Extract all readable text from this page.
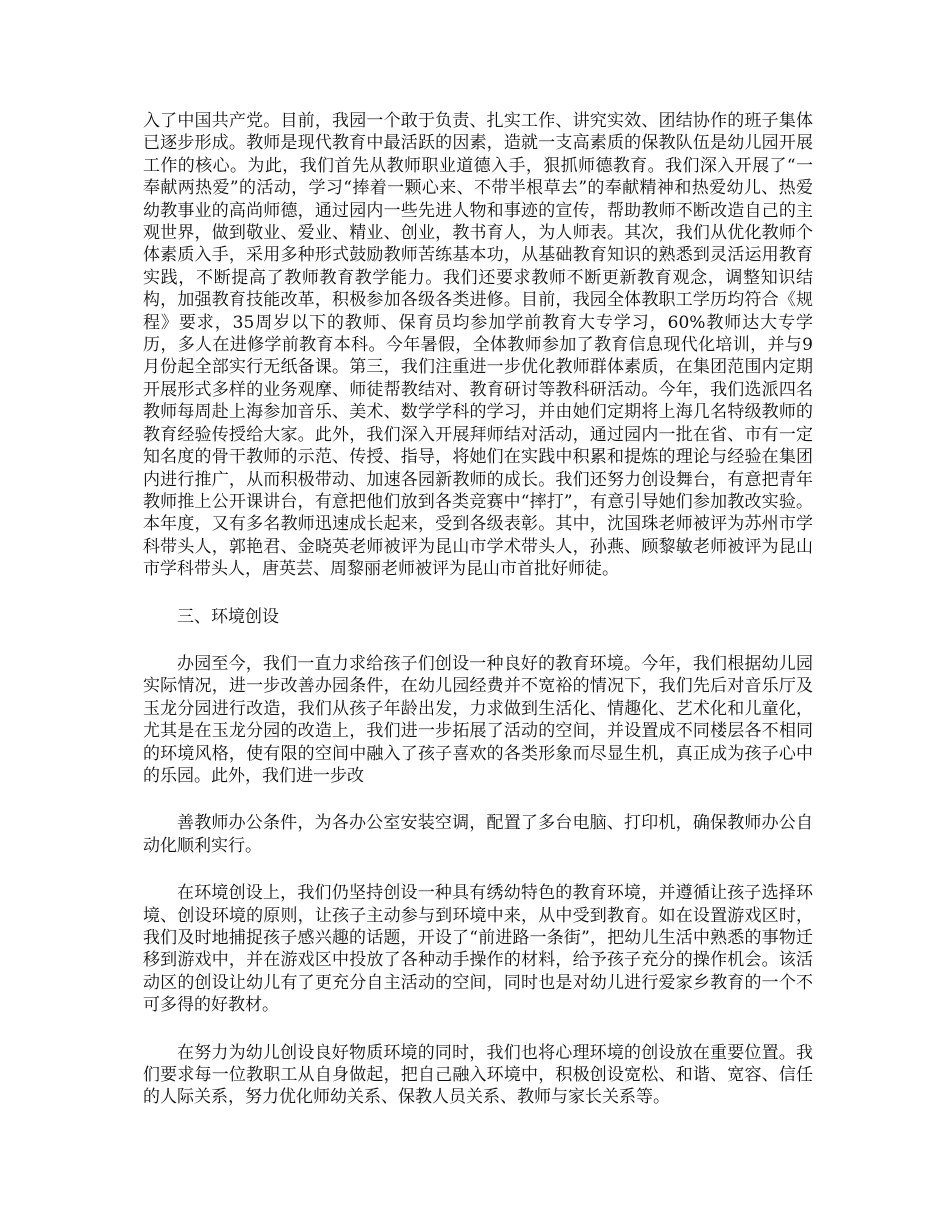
入了中国共产党。目前，我园一个敢于负责、扎实工作、讲究实效、团结协作的班子集体已逐步形成。教师是现代教育中最活跃的因素，造就一支高素质的保教队伍是幼儿园开展工作的核心。为此，我们首先从教师职业道德入手，狠抓师德教育。我们深入开展了“一奉献两热爱”的活动，学习“捧着一颗心来、不带半根草去”的奉献精神和热爱幼儿、热爱幼教事业的高尚师德，通过园内一些先进人物和事迹的宣传，帮助教师不断改造自己的主观世界，做到敬业、爱业、精业、创业，教书育人，为人师表。其次，我们从优化教师个体素质入手，采用多种形式鼓励教师苦练基本功，从基础教育知识的熟悉到灵活运用教育实践，不断提高了教师教育教学能力。我们还要求教师不断更新教育观念，调整知识结构，加强教育技能改革，积极参加各级各类进修。目前，我园全体教职工学历均符合《规程》要求，35周岁以下的教师、保育员均参加学前教育大专学习，60%教师达大专学历，多人在进修学前教育本科。今年暑假，全体教师参加了教育信息现代化培训，并与9月份起全部实行无纸备课。第三，我们注重进一步优化教师群体素质，在集团范围内定期开展形式多样的业务观摩、师徒帮教结对、教育研讨等教科研活动。今年，我们选派四名教师每周赴上海参加音乐、美术、数学学科的学习，并由她们定期将上海几名特级教师的教育经验传授给大家。此外，我们深入开展拜师结对活动，通过园内一批在省、市有一定知名度的骨干教师的示范、传授、指导，将她们在实践中积累和提炼的理论与经验在集团内进行推广，从而积极带动、加速各园新教师的成长。我们还努力创设舞台，有意把青年教师推上公开课讲台，有意把他们放到各类竞赛中“摔打”，有意引导她们参加教改实验。本年度，又有多名教师迅速成长起来，受到各级表彰。其中，沈国珠老师被评为苏州市学科带头人，郭艳君、金晓英老师被评为昆山市学术带头人，孙燕、顾黎敏老师被评为昆山市学科带头人，唐英芸、周黎丽老师被评为昆山市首批好师徒。

三、环境创设

办园至今，我们一直力求给孩子们创设一种良好的教育环境。今年，我们根据幼儿园实际情况，进一步改善办园条件，在幼儿园经费并不宽裕的情况下，我们先后对音乐厅及玉龙分园进行改造，我们从孩子年龄出发，力求做到生活化、情趣化、艺术化和儿童化，尤其是在玉龙分园的改造上，我们进一步拓展了活动的空间，并设置成不同楼层各不相同的环境风格，使有限的空间中融入了孩子喜欢的各类形象而尽显生机，真正成为孩子心中的乐园。此外，我们进一步改

善教师办公条件，为各办公室安装空调，配置了多台电脑、打印机，确保教师办公自动化顺利实行。

在环境创设上，我们仍坚持创设一种具有绣幼特色的教育环境，并遵循让孩子选择环境、创设环境的原则，让孩子主动参与到环境中来，从中受到教育。如在设置游戏区时，我们及时地捕捉孩子感兴趣的话题，开设了“前进路一条街”，把幼儿生活中熟悉的事物迁移到游戏中，并在游戏区中投放了各种动手操作的材料，给予孩子充分的操作机会。该活动区的创设让幼儿有了更充分自主活动的空间，同时也是对幼儿进行爱家乡教育的一个不可多得的好教材。

在努力为幼儿创设良好物质环境的同时，我们也将心理环境的创设放在重要位置。我们要求每一位教职工从自身做起，把自己融入环境中，积极创设宽松、和谐、宽容、信任的人际关系，努力优化师幼关系、保教人员关系、教师与家长关系等。
